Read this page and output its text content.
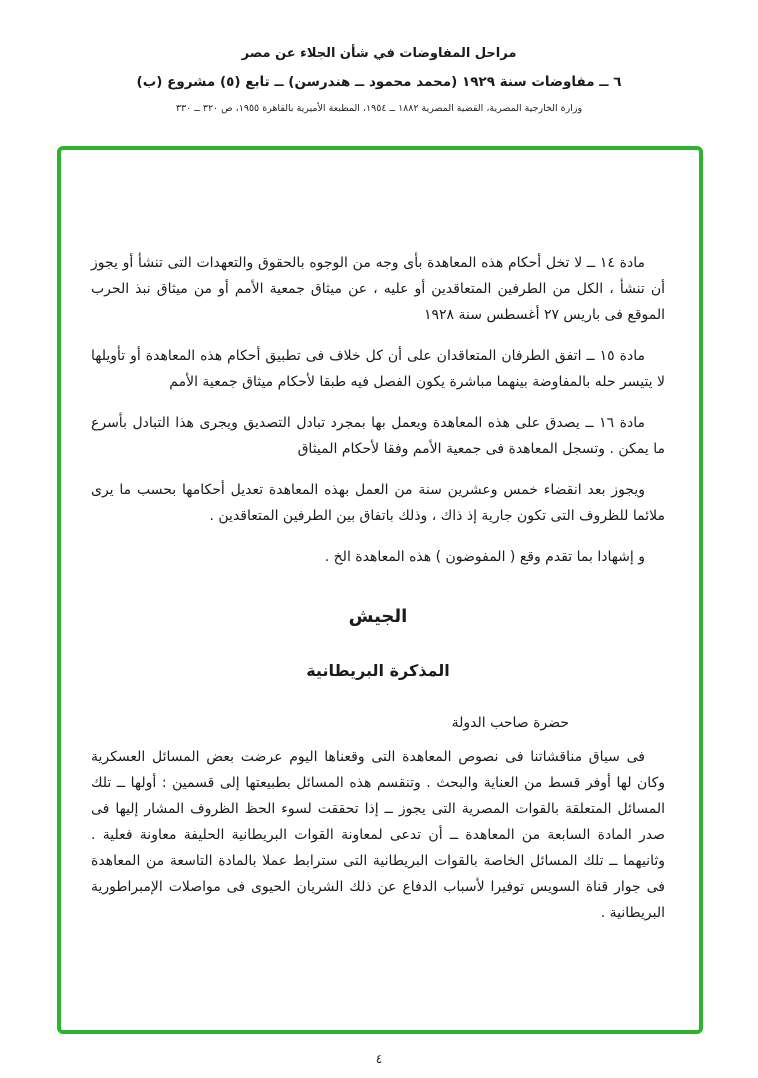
مراحل المفاوضات في شأن الجلاء عن مصر
٦ ــ مفاوضات سنة ١٩٢٩ (محمد محمود ــ هندرسن) ــ تابع (٥) مشروع (ب)
وزارة الخارجية المصرية، القضية المصرية ١٨٨٢ ــ ١٩٥٤، المطبعة الأميرية بالقاهرة ١٩٥٥، ص ٣٢٠ ــ ٣٣٠

مادة ١٤ ــ لا تخل أحكام هذه المعاهدة بأى وجه من الوجوه بالحقوق والتعهدات التى تنشأ أو يجوز أن تنشأ ، الكل من الطرفين المتعاقدين أو عليه ، عن ميثاق جمعية الأمم أو من ميثاق نبذ الحرب الموقع فى باريس ٢٧ أغسطس سنة ١٩٢٨

مادة ١٥ ــ اتفق الطرفان المتعاقدان على أن كل خلاف فى تطبيق أحكام هذه المعاهدة أو تأويلها لا يتيسر حله بالمفاوضة بينهما مباشرة يكون الفصل فيه طبقا لأحكام ميثاق جمعية الأمم

مادة ١٦ ــ يصدق على هذه المعاهدة ويعمل بها بمجرد تبادل التصديق ويجرى هذا التبادل بأسرع ما يمكن . وتسجل المعاهدة فى جمعية الأمم وفقا لأحكام الميثاق

ويجوز بعد انقضاء خمس وعشرين سنة من العمل بهذه المعاهدة تعديل أحكامها بحسب ما يرى ملائما للظروف التى تكون جارية إذ ذاك ، وذلك باتفاق بين الطرفين المتعاقدين .

و إشهادا بما تقدم وقع ( المفوضون ) هذه المعاهدة الخ .

الجيش
المذكرة البريطانية

حضرة صاحب الدولة

فى سياق مناقشاتنا فى نصوص المعاهدة التى وقعناها اليوم عرضت بعض المسائل العسكرية وكان لها أوفر قسط من العناية والبحث . وتنقسم هذه المسائل بطبيعتها إلى قسمين : أولها ــ تلك المسائل المتعلقة بالقوات المصرية التى يجوز ــ إذا تحققت لسوء الحظ الظروف المشار إليها فى صدر المادة السابعة من المعاهدة ــ أن تدعى لمعاونة القوات البريطانية الحليفة معاونة فعلية . وثانيهما ــ تلك المسائل الخاصة بالقوات البريطانية التى سترابط عملا بالمادة التاسعة من المعاهدة فى جوار قناة السويس توفيرا لأسباب الدفاع عن ذلك الشريان الحيوى فى مواصلات الإمبراطورية البريطانية .

٤
